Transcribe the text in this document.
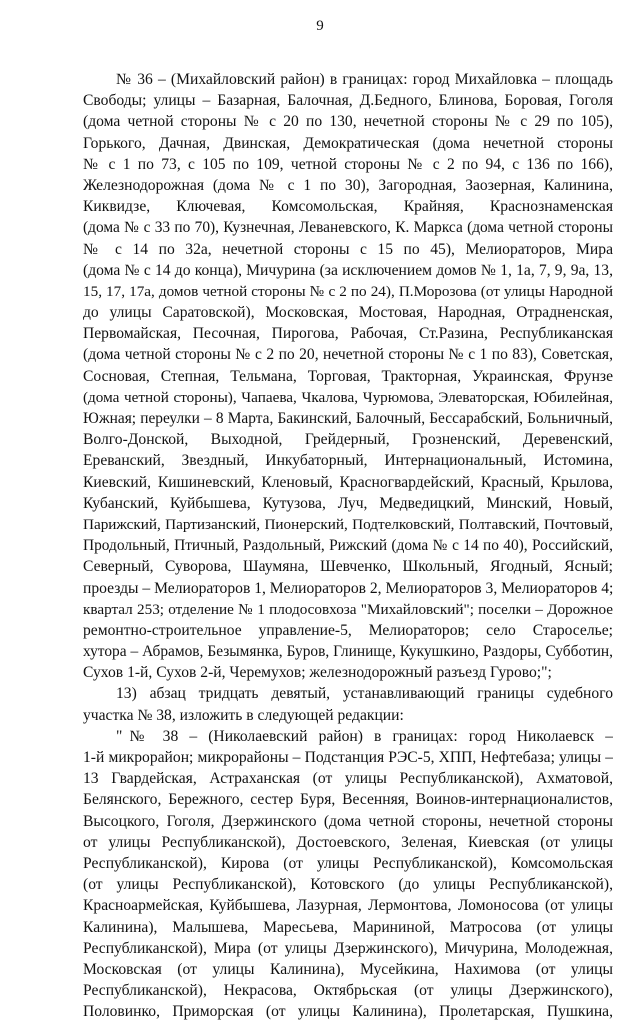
9
№ 36 – (Михайловский район) в границах: город Михайловка – площадь
Свободы; улицы – Базарная, Балочная, Д.Бедного, Блинова, Боровая, Гоголя
(дома четной стороны № с 20 по 130, нечетной стороны № с 29 по 105),
Горького, Дачная, Двинская, Демократическая (дома нечетной стороны
№ с 1 по 73, с 105 по 109, четной стороны № с 2 по 94, с 136 по 166),
Железнодорожная (дома № с 1 по 30), Загородная, Заозерная, Калинина,
Киквидзе, Ключевая, Комсомольская, Крайняя, Краснознаменская
(дома № с 33 по 70), Кузнечная, Леваневского, К. Маркса (дома четной стороны
№ с 14 по 32а, нечетной стороны с 15 по 45), Мелиораторов, Мира
(дома № с 14 до конца), Мичурина (за исключением домов № 1, 1а, 7, 9, 9а, 13,
15, 17, 17а, домов четной стороны № с 2 по 24), П.Морозова (от улицы Народной
до улицы Саратовской), Московская, Мостовая, Народная, Отрадненская,
Первомайская, Песочная, Пирогова, Рабочая, Ст.Разина, Республиканская
(дома четной стороны № с 2 по 20, нечетной стороны № с 1 по 83), Советская,
Сосновая, Степная, Тельмана, Торговая, Тракторная, Украинская, Фрунзе
(дома четной стороны), Чапаева, Чкалова, Чурюмова, Элеваторская, Юбилейная,
Южная; переулки – 8 Марта, Бакинский, Балочный, Бессарабский, Больничный,
Волго-Донской, Выходной, Грейдерный, Грозненский, Деревенский,
Ереванский, Звездный, Инкубаторный, Интернациональный, Истомина,
Киевский, Кишиневский, Кленовый, Красногвардейский, Красный, Крылова,
Кубанский, Куйбышева, Кутузова, Луч, Медведицкий, Минский, Новый,
Парижский, Партизанский, Пионерский, Подтелковский, Полтавский, Почтовый,
Продольный, Птичный, Раздольный, Рижский (дома № с 14 по 40), Российский,
Северный, Суворова, Шаумяна, Шевченко, Школьный, Ягодный, Ясный;
проезды – Мелиораторов 1, Мелиораторов 2, Мелиораторов 3, Мелиораторов 4;
квартал 253; отделение № 1 плодосовхоза "Михайловский"; поселки – Дорожное
ремонтно-строительное управление-5, Мелиораторов; село Староселье;
хутора – Абрамов, Безымянка, Буров, Глинище, Кукушкино, Раздоры, Субботин,
Сухов 1-й, Сухов 2-й, Черемухов; железнодорожный разъезд Гурово;";
13) абзац тридцать девятый, устанавливающий границы судебного
участка № 38, изложить в следующей редакции:
"№ 38 – (Николаевский район) в границах: город Николаевск –
1-й микрорайон; микрорайоны – Подстанция РЭС-5, ХПП, Нефтебаза; улицы –
13 Гвардейская, Астраханская (от улицы Республиканской), Ахматовой,
Белянского, Бережного, сестер Буря, Весенняя, Воинов-интернационалистов,
Высоцкого, Гоголя, Дзержинского (дома четной стороны, нечетной стороны
от улицы Республиканской), Достоевского, Зеленая, Киевская (от улицы
Республиканской), Кирова (от улицы Республиканской), Комсомольская
(от улицы Республиканской), Котовского (до улицы Республиканской),
Красноармейская, Куйбышева, Лазурная, Лермонтова, Ломоносова (от улицы
Калинина), Малышева, Маресьева, Марининой, Матросова (от улицы
Республиканской), Мира (от улицы Дзержинского), Мичурина, Молодежная,
Московская (от улицы Калинина), Мусейкина, Нахимова (от улицы
Республиканской), Некрасова, Октябрьская (от улицы Дзержинского),
Половинко, Приморская (от улицы Калинина), Пролетарская, Пушкина,
